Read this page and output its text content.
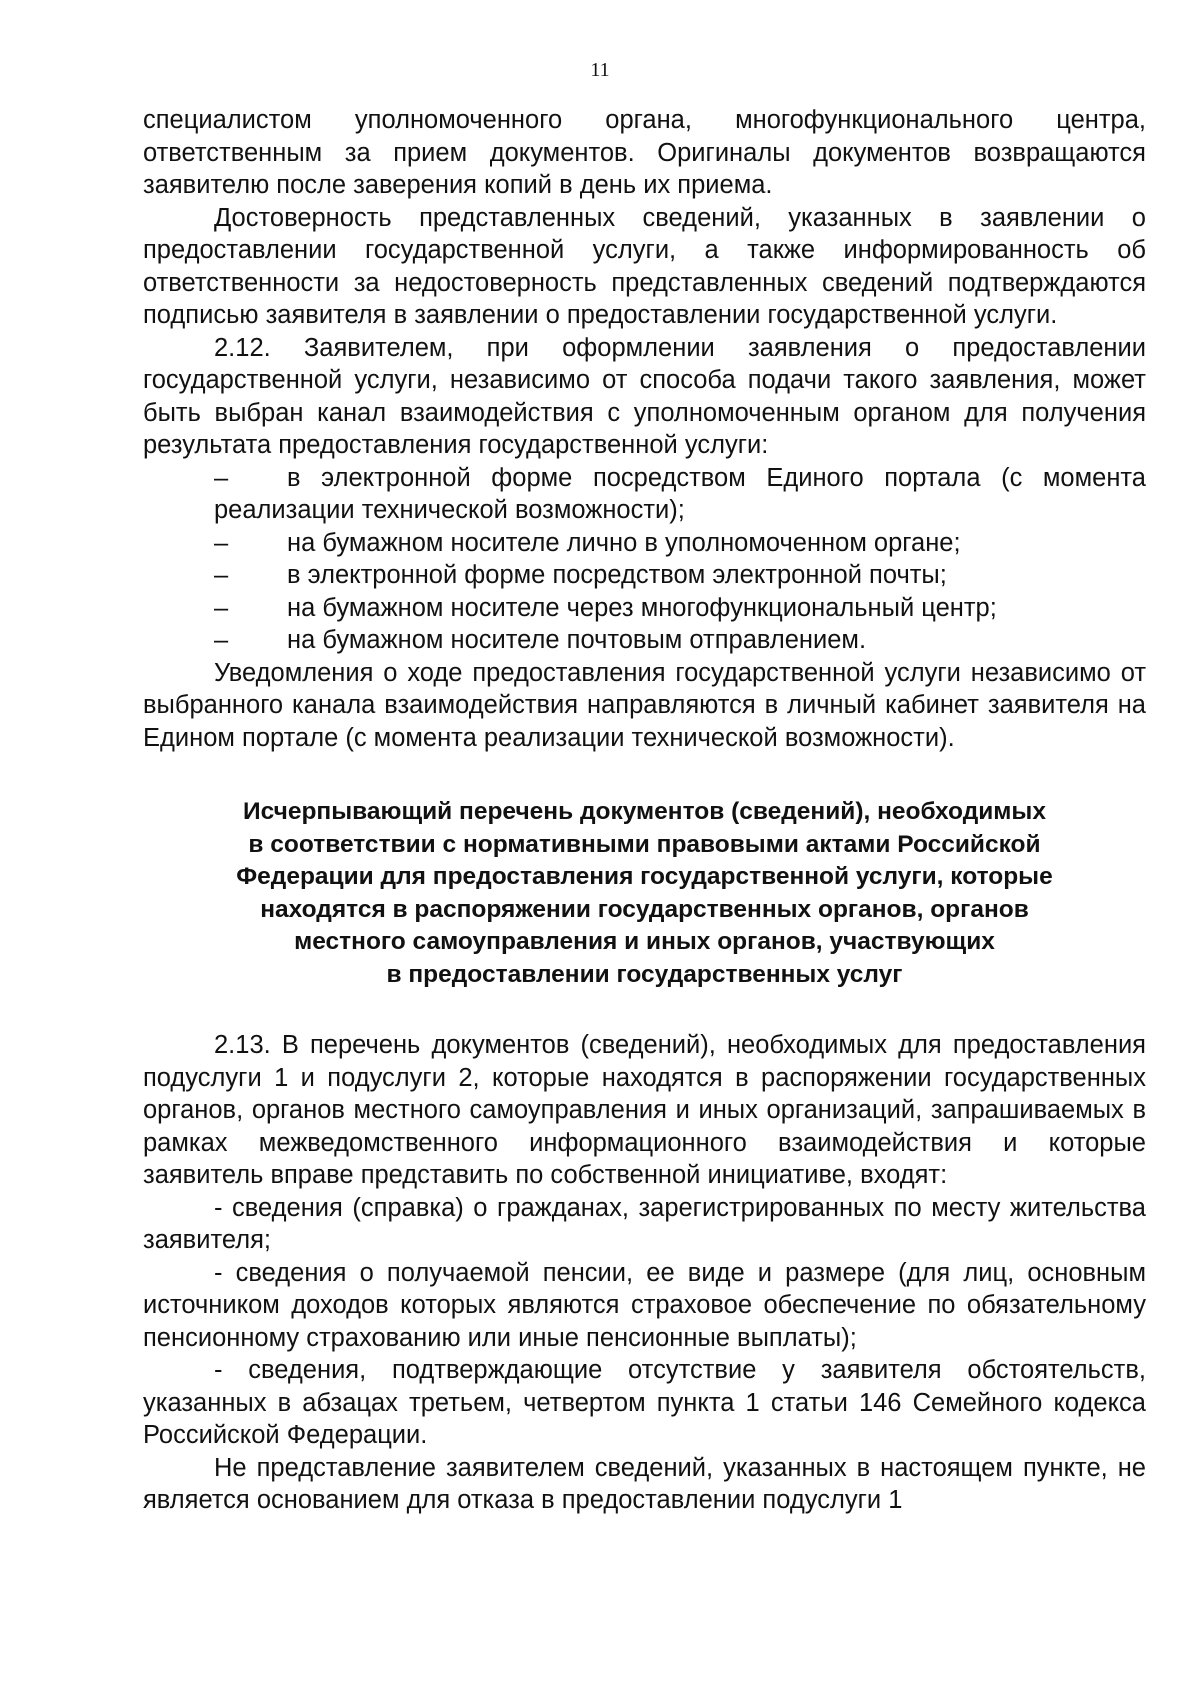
11

специалистом уполномоченного органа, многофункционального центра, ответственным за прием документов. Оригиналы документов возвращаются заявителю после заверения копий в день их приема.

Достоверность представленных сведений, указанных в заявлении о предоставлении государственной услуги, а также информированность об ответственности за недостоверность представленных сведений подтверждаются подписью заявителя в заявлении о предоставлении государственной услуги.

2.12. Заявителем, при оформлении заявления о предоставлении государственной услуги, независимо от способа подачи такого заявления, может быть выбран канал взаимодействия с уполномоченным органом для получения результата предоставления государственной услуги:

– в электронной форме посредством Единого портала (с момента реализации технической возможности);

– на бумажном носителе лично в уполномоченном органе;

– в электронной форме посредством электронной почты;

– на бумажном носителе через многофункциональный центр;

– на бумажном носителе почтовым отправлением.

Уведомления о ходе предоставления государственной услуги независимо от выбранного канала взаимодействия направляются в личный кабинет заявителя на Едином портале (с момента реализации технической возможности).

Исчерпывающий перечень документов (сведений), необходимых
в соответствии с нормативными правовыми актами Российской
Федерации для предоставления государственной услуги, которые
находятся в распоряжении государственных органов, органов
местного самоуправления и иных органов, участвующих
в предоставлении государственных услуг

2.13. В перечень документов (сведений), необходимых для предоставления подуслуги 1 и подуслуги 2, которые находятся в распоряжении государственных органов, органов местного самоуправления и иных организаций, запрашиваемых в рамках межведомственного информационного взаимодействия и которые заявитель вправе представить по собственной инициативе, входят:

- сведения (справка) о гражданах, зарегистрированных по месту жительства заявителя;

- сведения о получаемой пенсии, ее виде и размере (для лиц, основным источником доходов которых являются страховое обеспечение по обязательному пенсионному страхованию или иные пенсионные выплаты);

- сведения, подтверждающие отсутствие у заявителя обстоятельств, указанных в абзацах третьем, четвертом пункта 1 статьи 146 Семейного кодекса Российской Федерации.

Не представление заявителем сведений, указанных в настоящем пункте, не является основанием для отказа в предоставлении подуслуги 1
